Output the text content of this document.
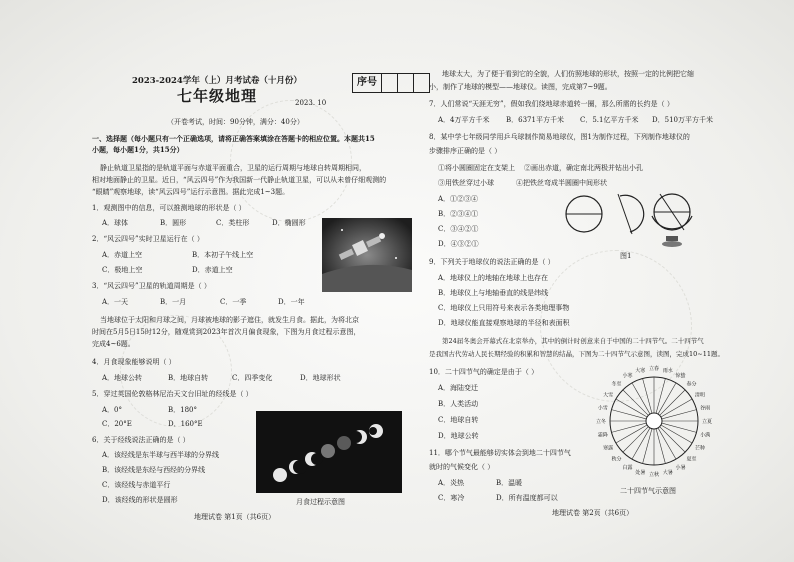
2023-2024学年（上）月考试卷（十月份）
七年级地理	2023. 10
（开卷考试，时间：90分钟，满分：40分）
一、选择题（每小题只有一个正确选项，请将正确答案填涂在答题卡的相应位置。本题共15
小题，每小题1分，共15分）
静止轨道卫星指的是轨道平面与赤道平面重合，卫星的运行周期与地球自转周期相同，
相对地面静止的卫星。近日，“风云四号”作为我国新一代静止轨道卫星，可以从未曾仔细观测的
“眼睛”观察地球，读“风云四号”运行示意图。据此完成1~3题。
1．观测图中的信息，可以推测地球的形状是（ ）
A．球体	B．圆形	C．类柱形	D．椭圆形
2．“风云四号”实时卫星运行在（ ）
A．赤道上空	B．本初子午线上空
C．极地上空	D．赤道上空
3．“风云四号”卫星的轨道周期是（ ）
A．一天	B．一月	C．一季	D．一年
当地球位于太阳和月球之间，月球被地球的影子遮住，就发生月食。据此，为将北京
时间在5月5日15时12分，随观赏到2023年首次月偏食现象，下图为月食过程示意图，
完成4~6题。
4．月食现象能够说明（ ）
A．地球公转	B．地球自转	C．四季变化	D．地球形状
5．穿过英国伦敦格林尼治天文台旧址的经线是（ ）
A．0°	B．180°
C．20°E	D．160°E
6．关于经线说法正确的是（ ）
A．该经线是东半球与西半球的分界线
B．该经线是东经与西经的分界线
C．该经线与赤道平行
D．该经线的形状是圆形	月食过程示意图
地理试卷 第1页（共6页）
序号
地球太大，为了便于看到它的全貌，人们仿照地球的形状，按照一定的比例把它缩
小，制作了地球的模型——地球仪。读图，完成第7~9题。
7．人们常说“天涯无穷”，假如我们绕地球赤道转一圈，那么所需的长约是（ ）
A．4万平方千米 B．6371平方千米 C．5.1亿平方千米 D．510万平方千米
8．某中学七年级同学用乒乓球制作简易地球仪，图1为制作过程，下列制作地球仪的
步骤排序正确的是（ ）
①将小圆圈固定在支架上 ②画出赤道，确定南北两极并钻出小孔
③用铁丝穿过小球	④把铁丝弯成半圆圈中间形状
A．①②③④
B．②③④①
C．③④②①
D．④③②①
图1
9．下列关于地球仪的说法正确的是（ ）
A．地球仪上的地轴在地球上也存在
B．地球仪上与地轴垂直的线是纬线
C．地球仪上只用符号来表示各类地理事物
D．地球仪能直接观察地球的半径和表面积
第24届冬奥会开幕式在北京举办，其中的倒计时创意来自于中国的二十四节气。二十四节气
是我国古代劳动人民长期经验的积累和智慧的结晶，下图为二十四节气示意图，读图，完成10~11题。
10．二十四节气的确定是由于（ ）
A．海陆变迁
B．人类活动
C．地球自转
D．地球公转
11．哪个节气最能够切实体会到地二十四节气
就时的气候变化（ ）
A．炎热	B．温暖
C．寒冷	D．所有温度都可以
立春 雨水
惊蛰
春分
清明
谷雨
立夏
小满
芒种
夏至
小暑
大暑
立秋
处暑
白露
秋分
寒露
霜降
立冬
小雪
大雪
冬至
小寒
大寒
二十四节气示意图
地理试卷 第2页（共6页）
